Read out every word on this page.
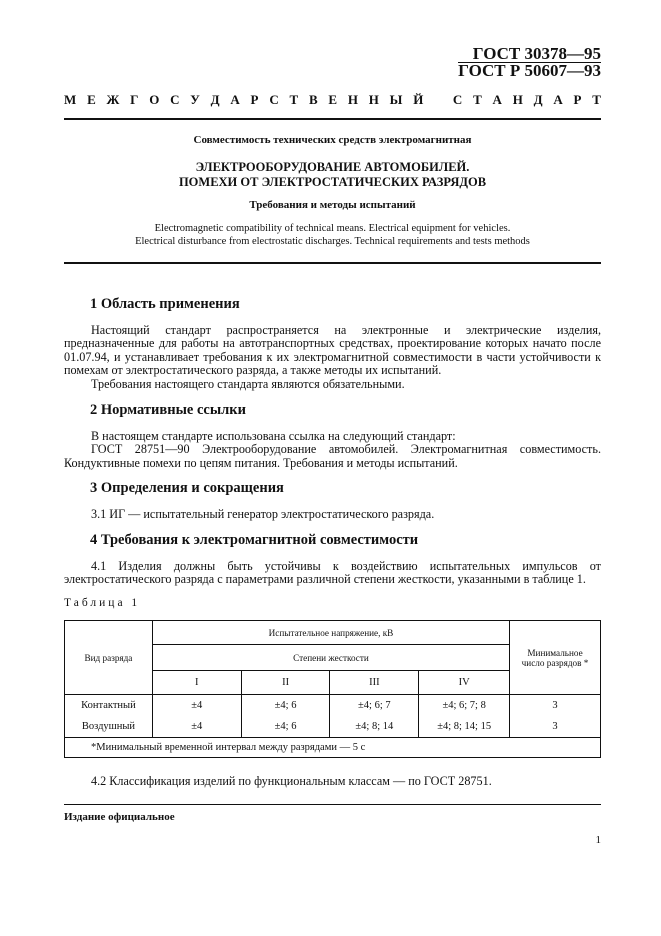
ГОСТ 30378—95
ГОСТ Р 50607—93
М Е Ж Г О С У Д А Р С Т В Е Н Н Ы Й С Т А Н Д А Р Т
Совместимость технических средств электромагнитная
ЭЛЕКТРООБОРУДОВАНИЕ АВТОМОБИЛЕЙ.
ПОМЕХИ ОТ ЭЛЕКТРОСТАТИЧЕСКИХ РАЗРЯДОВ
Требования и методы испытаний
Electromagnetic compatibility of technical means. Electrical equipment for vehicles.
Electrical disturbance from electrostatic discharges. Technical requirements and tests methods
1 Область применения

Настоящий стандарт распространяется на электронные и электрические изделия, предназначенные для работы на автотранспортных средствах, проектирование которых начато после 01.07.94, и устанавливает требования к их электромагнитной совместимости в части устойчивости к помехам от электростатического разряда, а также методы их испытаний.

Требования настоящего стандарта являются обязательными.

2 Нормативные ссылки

В настоящем стандарте использована ссылка на следующий стандарт:

ГОСТ 28751—90 Электрооборудование автомобилей. Электромагнитная совместимость. Кондуктивные помехи по цепям питания. Требования и методы испытаний.

3 Определения и сокращения

3.1 ИГ — испытательный генератор электростатического разряда.

4 Требования к электромагнитной совместимости

4.1 Изделия должны быть устойчивы к воздействию испытательных импульсов от электростатического разряда с параметрами различной степени жесткости, указанными в таблице 1.

Таблица 1
Вид разряда	Испытательное напряжение, кВ				Минимальное число разрядов *
	Степени жесткости				
	I	II	III	IV	
Контактный	±4	±4; 6	±4; 6; 7	±4; 6; 7; 8	3
Воздушный	±4	±4; 6	±4; 8; 14	±4; 8; 14; 15	3
*Минимальный временной интервал между разрядами — 5 с					

4.2 Классификация изделий по функциональным классам — по ГОСТ 28751.

Издание официальное
1
